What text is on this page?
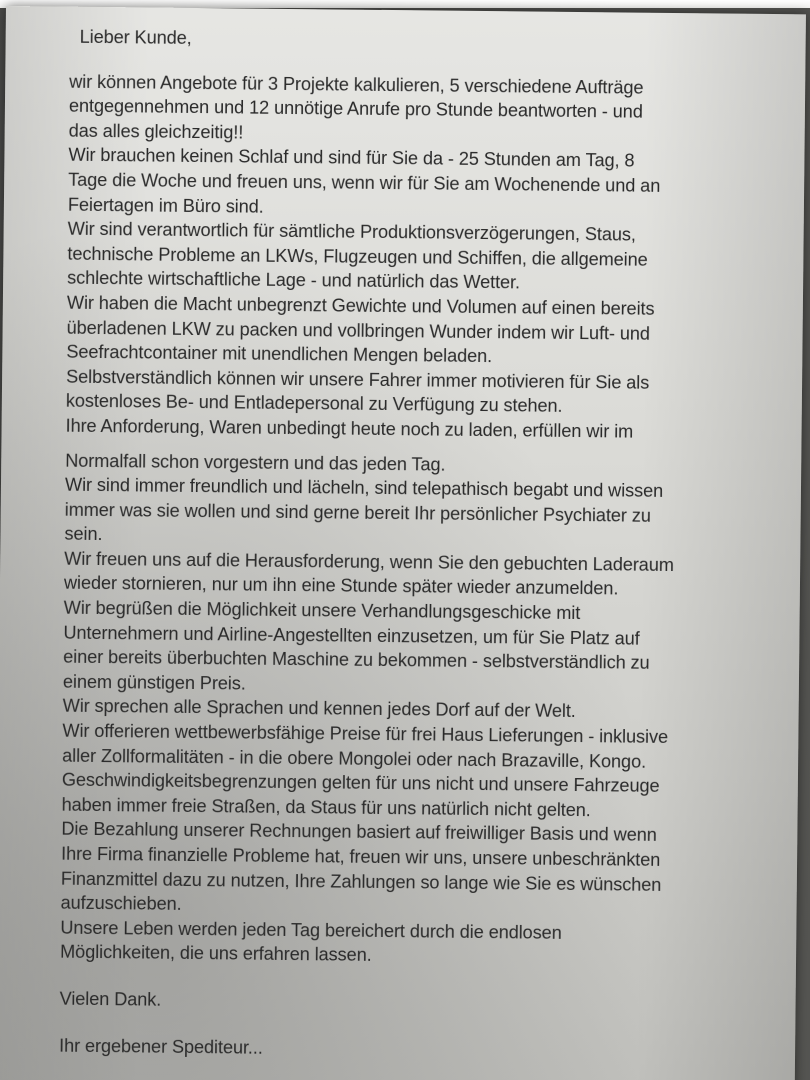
Lieber Kunde,

wir können Angebote für 3 Projekte kalkulieren, 5 verschiedene Aufträge

entgegennehmen und 12 unnötige Anrufe pro Stunde beantworten - und

das alles gleichzeitig!!

Wir brauchen keinen Schlaf und sind für Sie da - 25 Stunden am Tag, 8

Tage die Woche und freuen uns, wenn wir für Sie am Wochenende und an

Feiertagen im Büro sind.

Wir sind verantwortlich für sämtliche Produktionsverzögerungen, Staus,

technische Probleme an LKWs, Flugzeugen und Schiffen, die allgemeine

schlechte wirtschaftliche Lage - und natürlich das Wetter.

Wir haben die Macht unbegrenzt Gewichte und Volumen auf einen bereits

überladenen LKW zu packen und vollbringen Wunder indem wir Luft- und

Seefrachtcontainer mit unendlichen Mengen beladen.

Selbstverständlich können wir unsere Fahrer immer motivieren für Sie als

kostenloses Be- und Entladepersonal zu Verfügung zu stehen.

Ihre Anforderung, Waren unbedingt heute noch zu laden, erfüllen wir im

Normalfall schon vorgestern und das jeden Tag.

Wir sind immer freundlich und lächeln, sind telepathisch begabt und wissen

immer was sie wollen und sind gerne bereit Ihr persönlicher Psychiater zu

sein.

Wir freuen uns auf die Herausforderung, wenn Sie den gebuchten Laderaum

wieder stornieren, nur um ihn eine Stunde später wieder anzumelden.

Wir begrüßen die Möglichkeit unsere Verhandlungsgeschicke mit

Unternehmern und Airline-Angestellten einzusetzen, um für Sie Platz auf

einer bereits überbuchten Maschine zu bekommen - selbstverständlich zu

einem günstigen Preis.

Wir sprechen alle Sprachen und kennen jedes Dorf auf der Welt.

Wir offerieren wettbewerbsfähige Preise für frei Haus Lieferungen - inklusive

aller Zollformalitäten - in die obere Mongolei oder nach Brazaville, Kongo.

Geschwindigkeitsbegrenzungen gelten für uns nicht und unsere Fahrzeuge

haben immer freie Straßen, da Staus für uns natürlich nicht gelten.

Die Bezahlung unserer Rechnungen basiert auf freiwilliger Basis und wenn

Ihre Firma finanzielle Probleme hat, freuen wir uns, unsere unbeschränkten

Finanzmittel dazu zu nutzen, Ihre Zahlungen so lange wie Sie es wünschen

aufzuschieben.

Unsere Leben werden jeden Tag bereichert durch die endlosen

Möglichkeiten, die uns erfahren lassen.

Vielen Dank.

Ihr ergebener Spediteur...
